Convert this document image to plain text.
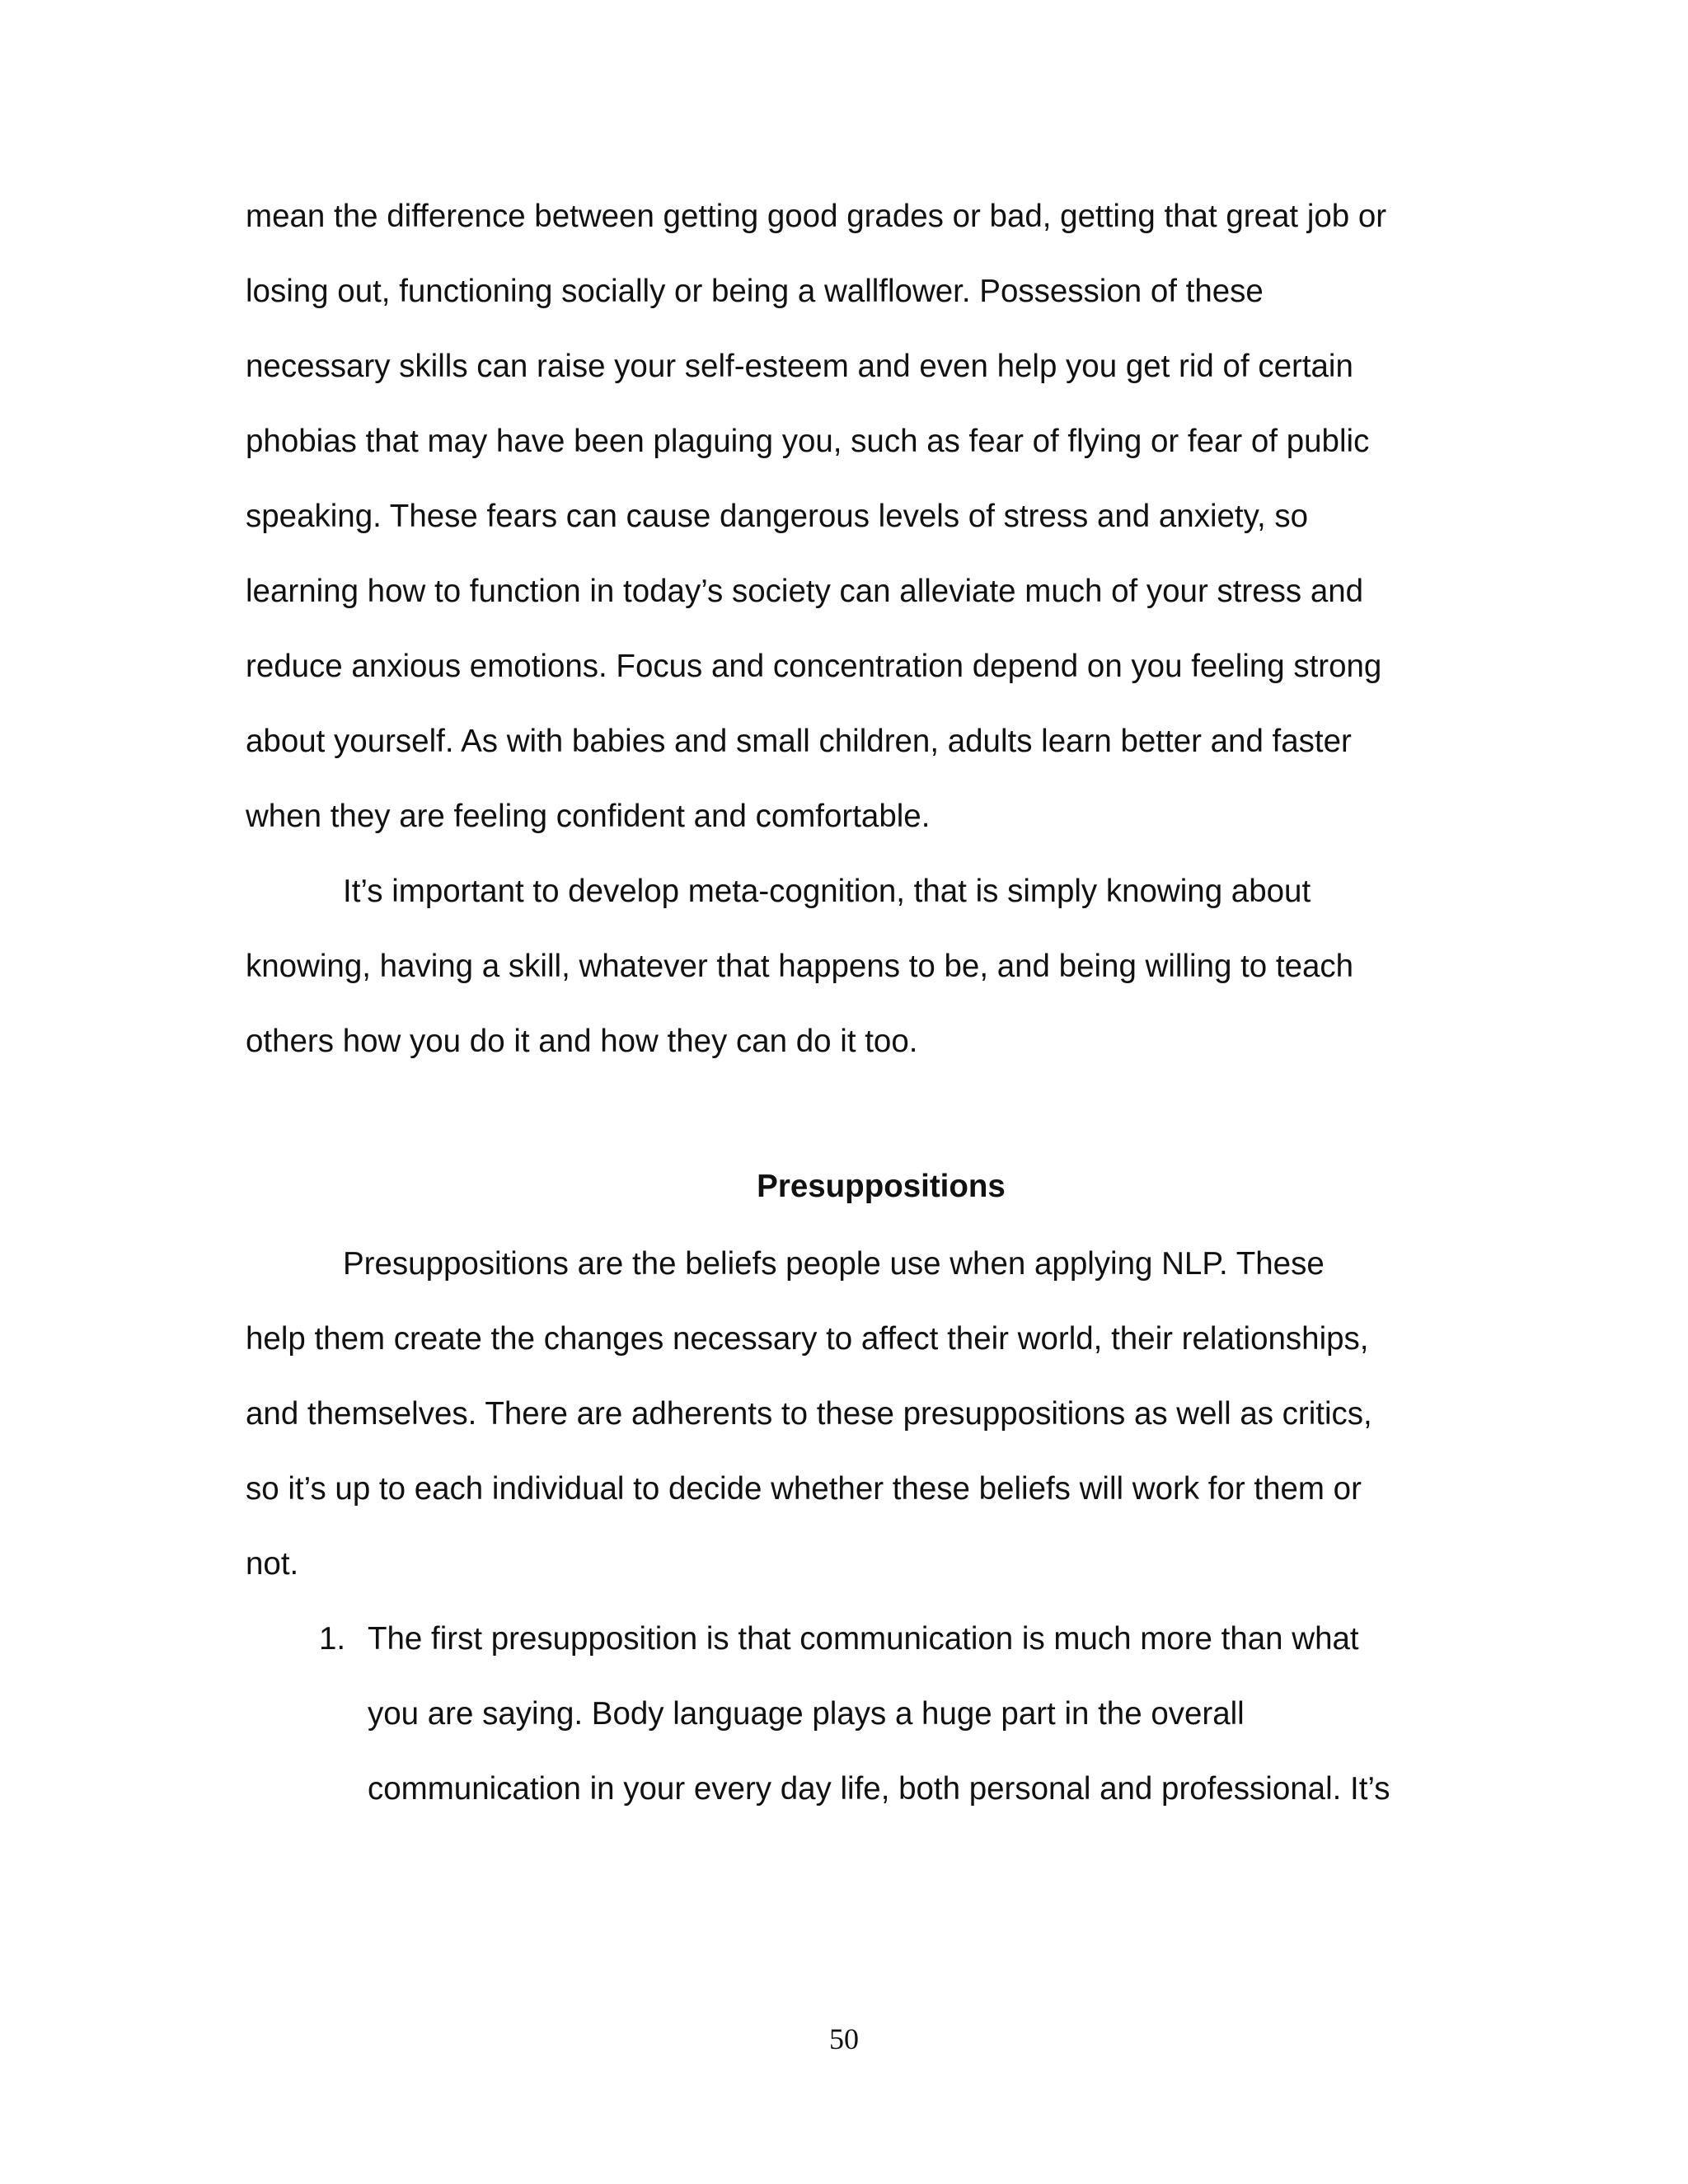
mean the difference between getting good grades or bad, getting that great job or
losing out, functioning socially or being a wallflower. Possession of these
necessary skills can raise your self-esteem and even help you get rid of certain
phobias that may have been plaguing you, such as fear of flying or fear of public
speaking. These fears can cause dangerous levels of stress and anxiety, so
learning how to function in today’s society can alleviate much of your stress and
reduce anxious emotions. Focus and concentration depend on you feeling strong
about yourself. As with babies and small children, adults learn better and faster
when they are feeling confident and comfortable.
It’s important to develop meta-cognition, that is simply knowing about
knowing, having a skill, whatever that happens to be, and being willing to teach
others how you do it and how they can do it too.
Presuppositions
Presuppositions are the beliefs people use when applying NLP. These
help them create the changes necessary to affect their world, their relationships,
and themselves. There are adherents to these presuppositions as well as critics,
so it’s up to each individual to decide whether these beliefs will work for them or
not.
1. The first presupposition is that communication is much more than what
you are saying. Body language plays a huge part in the overall
communication in your every day life, both personal and professional. It’s
50
